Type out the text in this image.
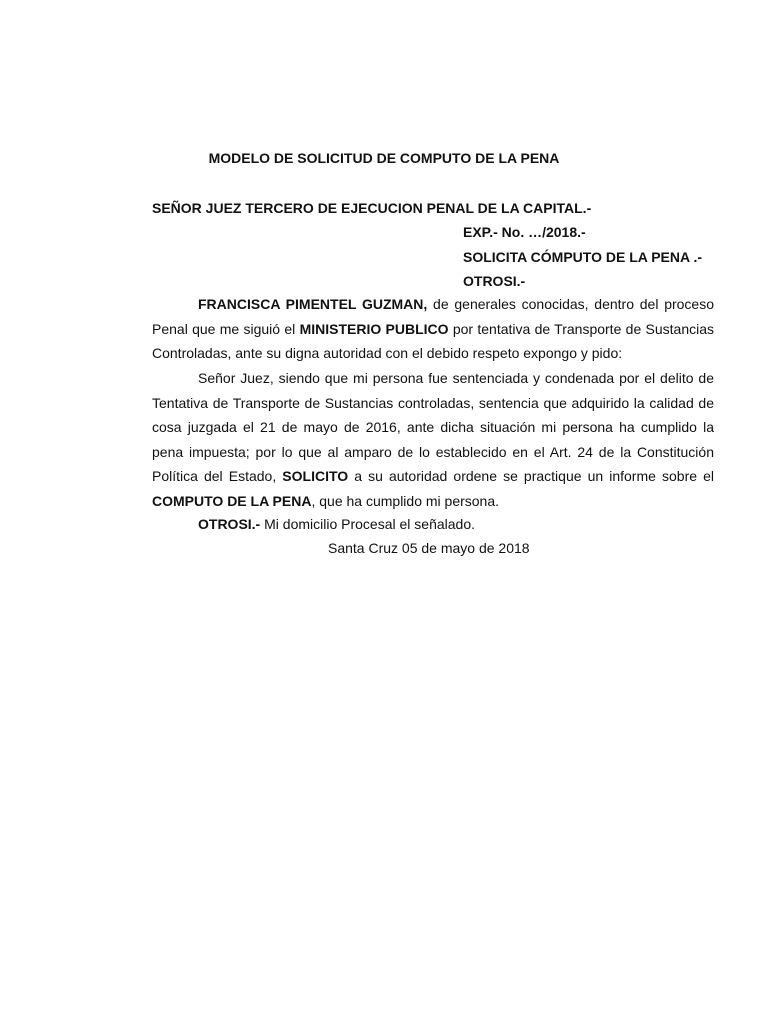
MODELO DE SOLICITUD DE COMPUTO DE LA PENA
SEÑOR JUEZ TERCERO DE EJECUCION PENAL DE LA CAPITAL.-
EXP.- No. …/2018.-
SOLICITA CÓMPUTO DE LA PENA .-
OTROSI.-
FRANCISCA PIMENTEL GUZMAN, de generales conocidas, dentro del proceso Penal que me siguió el MINISTERIO PUBLICO por tentativa de Transporte de Sustancias Controladas, ante su digna autoridad con el debido respeto expongo y pido:
Señor Juez, siendo que mi persona fue sentenciada y condenada por el delito de Tentativa de Transporte de Sustancias controladas, sentencia que adquirido la calidad de cosa juzgada el 21 de mayo de 2016, ante dicha situación mi persona ha cumplido la pena impuesta; por lo que al amparo de lo establecido en el Art. 24 de la Constitución Política del Estado, SOLICITO a su autoridad ordene se practique un informe sobre el COMPUTO DE LA PENA, que ha cumplido mi persona.
OTROSI.- Mi domicilio Procesal el señalado.
Santa Cruz 05 de mayo de 2018
